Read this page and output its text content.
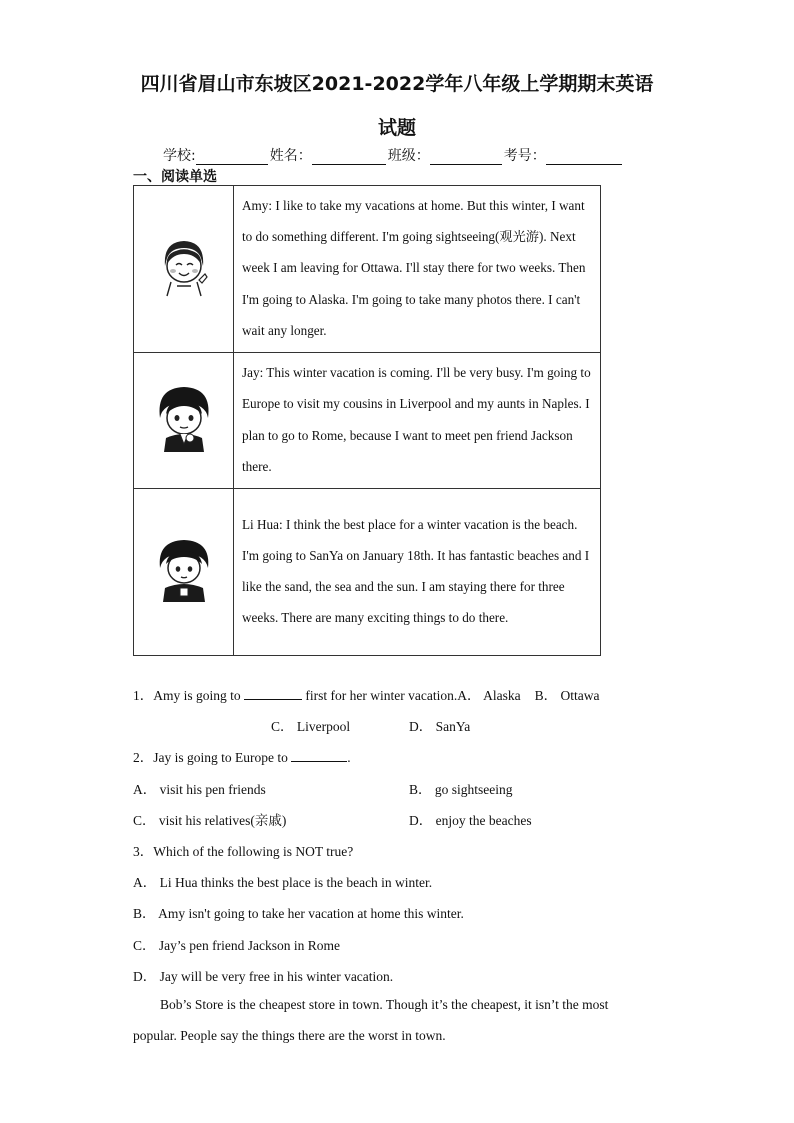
四川省眉山市东坡区2021-2022学年八年级上学期期末英语
试题
学校:	姓名：	班级：	考号：
一、阅读单选
	Amy: I like to take my vacations at home. But this winter, I want to do something different. I'm going sightseeing(观光游). Next week I am leaving for Ottawa. I'll stay there for two weeks. Then I'm going to Alaska. I'm going to take many photos there. I can't wait any longer.
	Jay: This winter vacation is coming. I'll be very busy. I'm going to Europe to visit my cousins in Liverpool and my aunts in Naples. I plan to go to Rome, because I want to meet pen friend Jackson there.
	Li Hua: I think the best place for a winter vacation is the beach. I'm going to SanYa on January 18th. It has fantastic beaches and I like the sand, the sea and the sun. I am staying there for three weeks. There are many exciting things to do there.
1．Amy is going to	first for her winter vacation.A． Alaska B． Ottawa
C． Liverpool	D． SanYa
2．Jay is going to Europe to	.
A． visit his pen friends	B． go sightseeing
C． visit his relatives(亲戚)	D． enjoy the beaches
3．Which of the following is NOT true?
A． Li Hua thinks the best place is the beach in winter.
B． Amy isn't going to take her vacation at home this winter.
C． Jay’s pen friend Jackson in Rome
D． Jay will be very free in his winter vacation.
Bob’s Store is the cheapest store in town. Though it’s the cheapest, it isn’t the most popular. People say the things there are the worst in town.
